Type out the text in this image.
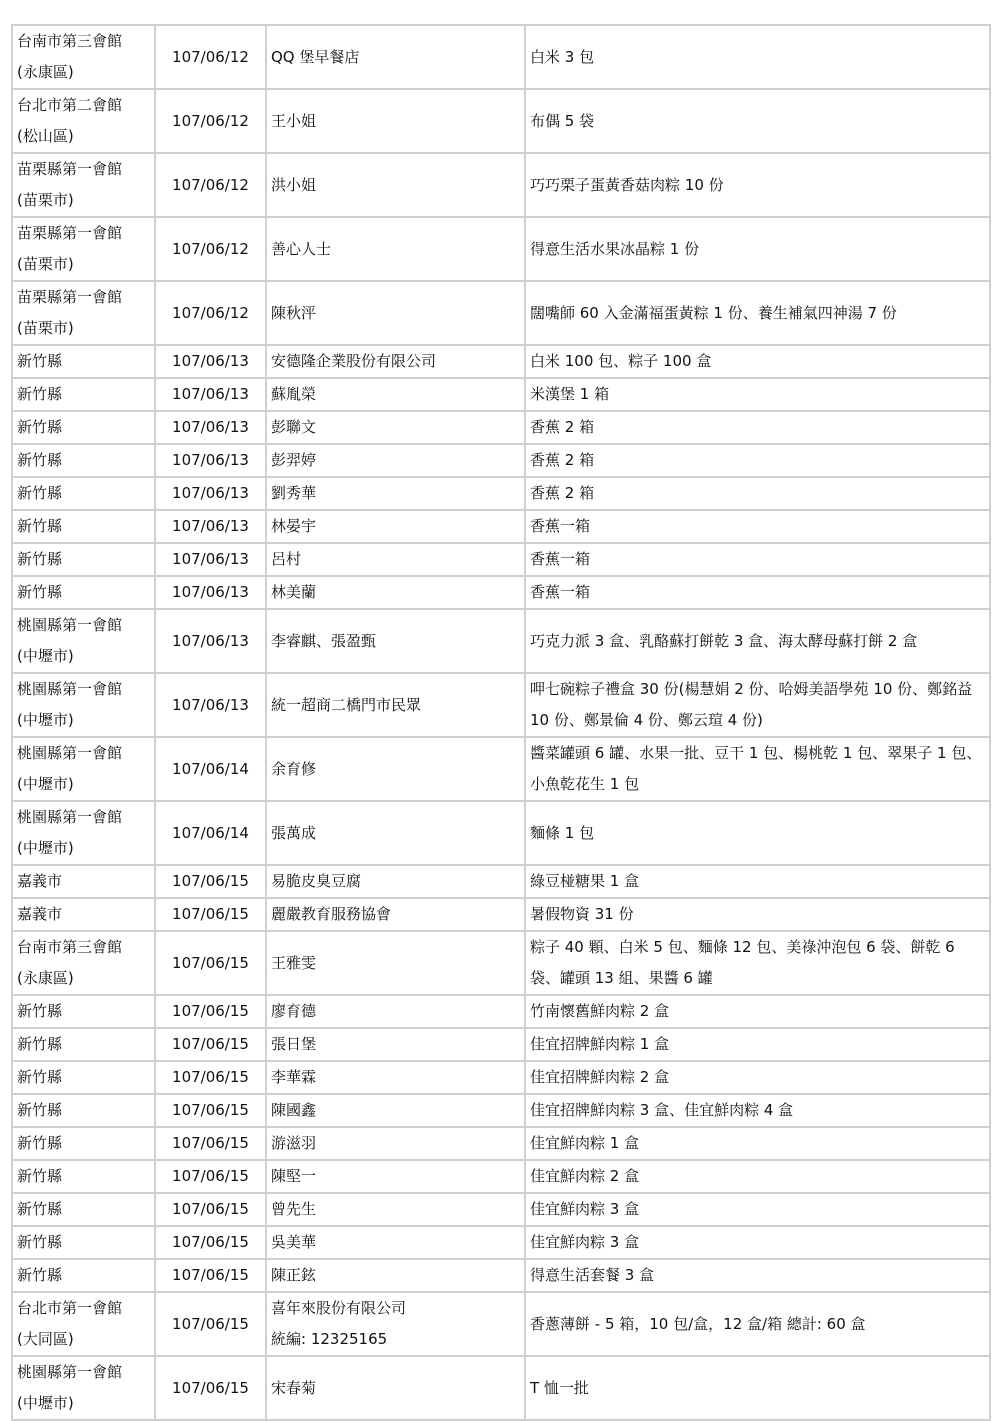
台南市第三會館
(永康區)	107/06/12	QQ 堡早餐店	白米 3 包

台北市第二會館
(松山區)	107/06/12	王小姐	布偶 5 袋

苗栗縣第一會館
(苗栗市)	107/06/12	洪小姐	巧巧栗子蛋黃香菇肉粽 10 份

苗栗縣第一會館
(苗栗市)	107/06/12	善心人士	得意生活水果冰晶粽 1 份

苗栗縣第一會館
(苗栗市)	107/06/12	陳秋泙	闊嘴師 60 入金滿福蛋黃粽 1 份、養生補氣四神湯 7 份

新竹縣	107/06/13	安德隆企業股份有限公司	白米 100 包、粽子 100 盒

新竹縣	107/06/13	蘇胤榮	米漢堡 1 箱

新竹縣	107/06/13	彭聯文	香蕉 2 箱

新竹縣	107/06/13	彭羿婷	香蕉 2 箱

新竹縣	107/06/13	劉秀華	香蕉 2 箱

新竹縣	107/06/13	林晏宇	香蕉一箱

新竹縣	107/06/13	呂村	香蕉一箱

新竹縣	107/06/13	林美蘭	香蕉一箱

桃園縣第一會館
(中壢市)	107/06/13	李睿麒、張盈甄	巧克力派 3 盒、乳酪蘇打餅乾 3 盒、海太酵母蘇打餅 2 盒

桃園縣第一會館
(中壢市)	107/06/13	統一超商二橋門市民眾	呷七碗粽子禮盒 30 份(楊慧娟 2 份、哈姆美語學苑 10 份、鄭銘益 10 份、鄭景倫 4 份、鄭云瑄 4 份)

桃園縣第一會館
(中壢市)	107/06/14	余育修	醬菜罐頭 6 罐、水果一批、豆干 1 包、楊桃乾 1 包、翠果子 1 包、小魚乾花生 1 包

桃園縣第一會館
(中壢市)	107/06/14	張萬成	麵條 1 包

嘉義市	107/06/15	易脆皮臭豆腐	綠豆椪糖果 1 盒

嘉義市	107/06/15	麗嚴教育服務協會	暑假物資 31 份

台南市第三會館
(永康區)	107/06/15	王雅雯	粽子 40 顆、白米 5 包、麵條 12 包、美祿沖泡包 6 袋、餅乾 6 袋、罐頭 13 組、果醬 6 罐

新竹縣	107/06/15	廖育德	竹南懷舊鮮肉粽 2 盒

新竹縣	107/06/15	張日堡	佳宜招牌鮮肉粽 1 盒

新竹縣	107/06/15	李華霖	佳宜招牌鮮肉粽 2 盒

新竹縣	107/06/15	陳國鑫	佳宜招牌鮮肉粽 3 盒、佳宜鮮肉粽 4 盒

新竹縣	107/06/15	游滋羽	佳宜鮮肉粽 1 盒

新竹縣	107/06/15	陳堅一	佳宜鮮肉粽 2 盒

新竹縣	107/06/15	曾先生	佳宜鮮肉粽 3 盒

新竹縣	107/06/15	吳美華	佳宜鮮肉粽 3 盒

新竹縣	107/06/15	陳正鉉	得意生活套餐 3 盒

台北市第一會館
(大同區)	107/06/15	喜年來股份有限公司
統編: 12325165	香蔥薄餅 - 5 箱，10 包/盒，12 盒/箱 總計: 60 盒

桃園縣第一會館
(中壢市)	107/06/15	宋春菊	T 恤一批
